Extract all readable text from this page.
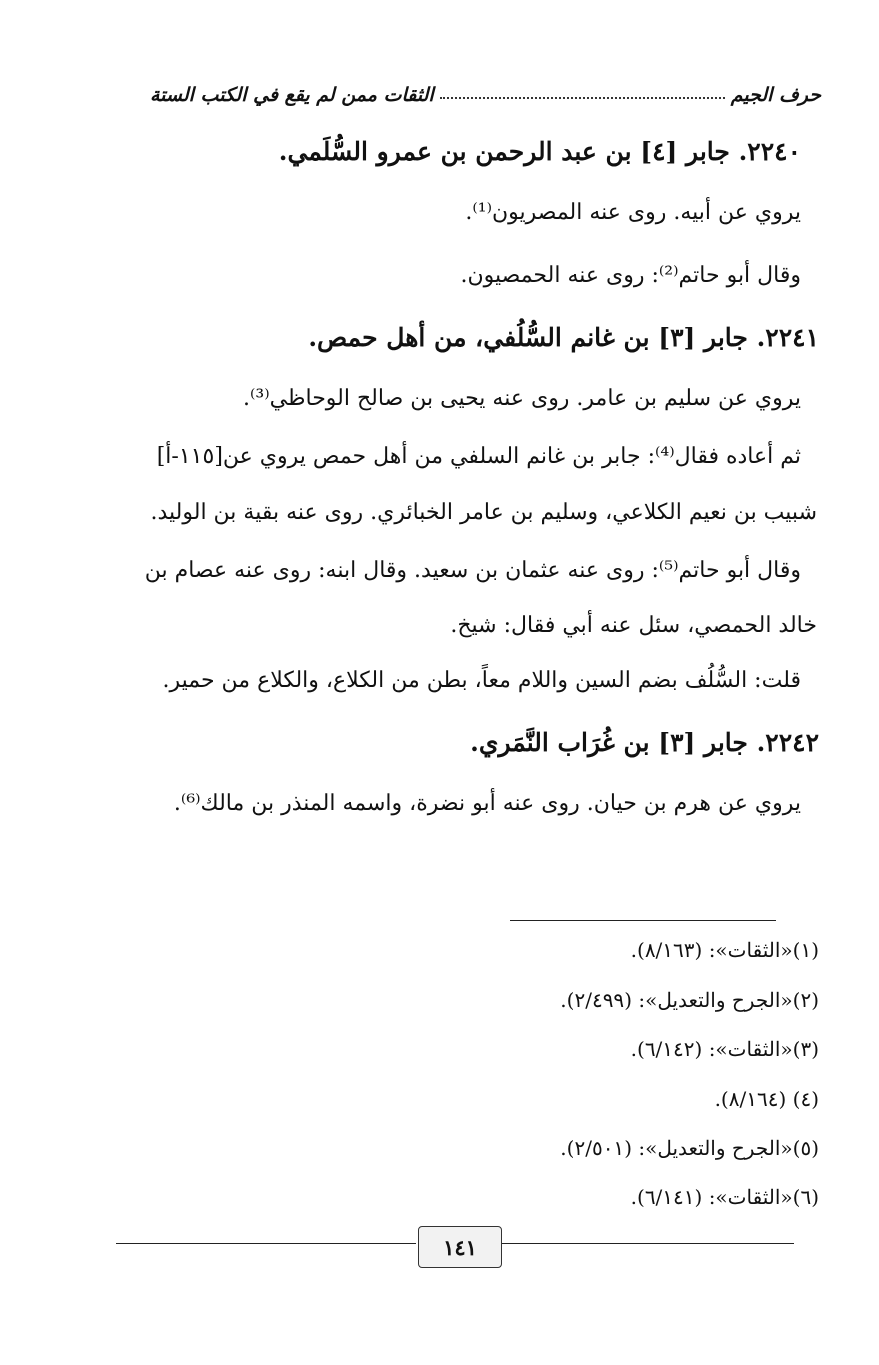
حرف الجيم
الثقات ممن لم يقع في الكتب الستة
٢٢٤٠. جابر [٤] بن عبد الرحمن بن عمرو السُّلَمي.
يروي عن أبيه. روى عنه المصريون⁽¹⁾.
وقال أبو حاتم⁽²⁾: روى عنه الحمصيون.
٢٢٤١. جابر [٣] بن غانم السُّلُفي، من أهل حمص.
يروي عن سليم بن عامر. روى عنه يحيى بن صالح الوحاظي⁽³⁾.
ثم أعاده فقال⁽⁴⁾: جابر بن غانم السلفي من أهل حمص يروي عن[١١٥-أ]
شبيب بن نعيم الكلاعي، وسليم بن عامر الخبائري. روى عنه بقية بن الوليد.
وقال أبو حاتم⁽⁵⁾: روى عنه عثمان بن سعيد. وقال ابنه: روى عنه عصام بن
خالد الحمصي، سئل عنه أبي فقال: شيخ.
قلت: السُّلُف بضم السين واللام معاً، بطن من الكلاع، والكلاع من حمير.
٢٢٤٢. جابر [٣] بن غُرَاب النَّمَري.
يروي عن هرم بن حيان. روى عنه أبو نضرة، واسمه المنذر بن مالك⁽⁶⁾.
(١)«الثقات»: (٨/١٦٣).
(٢)«الجرح والتعديل»: (٢/٤٩٩).
(٣)«الثقات»: (٦/١٤٢).
(٤) (٨/١٦٤).
(٥)«الجرح والتعديل»: (٢/٥٠١).
(٦)«الثقات»: (٦/١٤١).
١٤١
